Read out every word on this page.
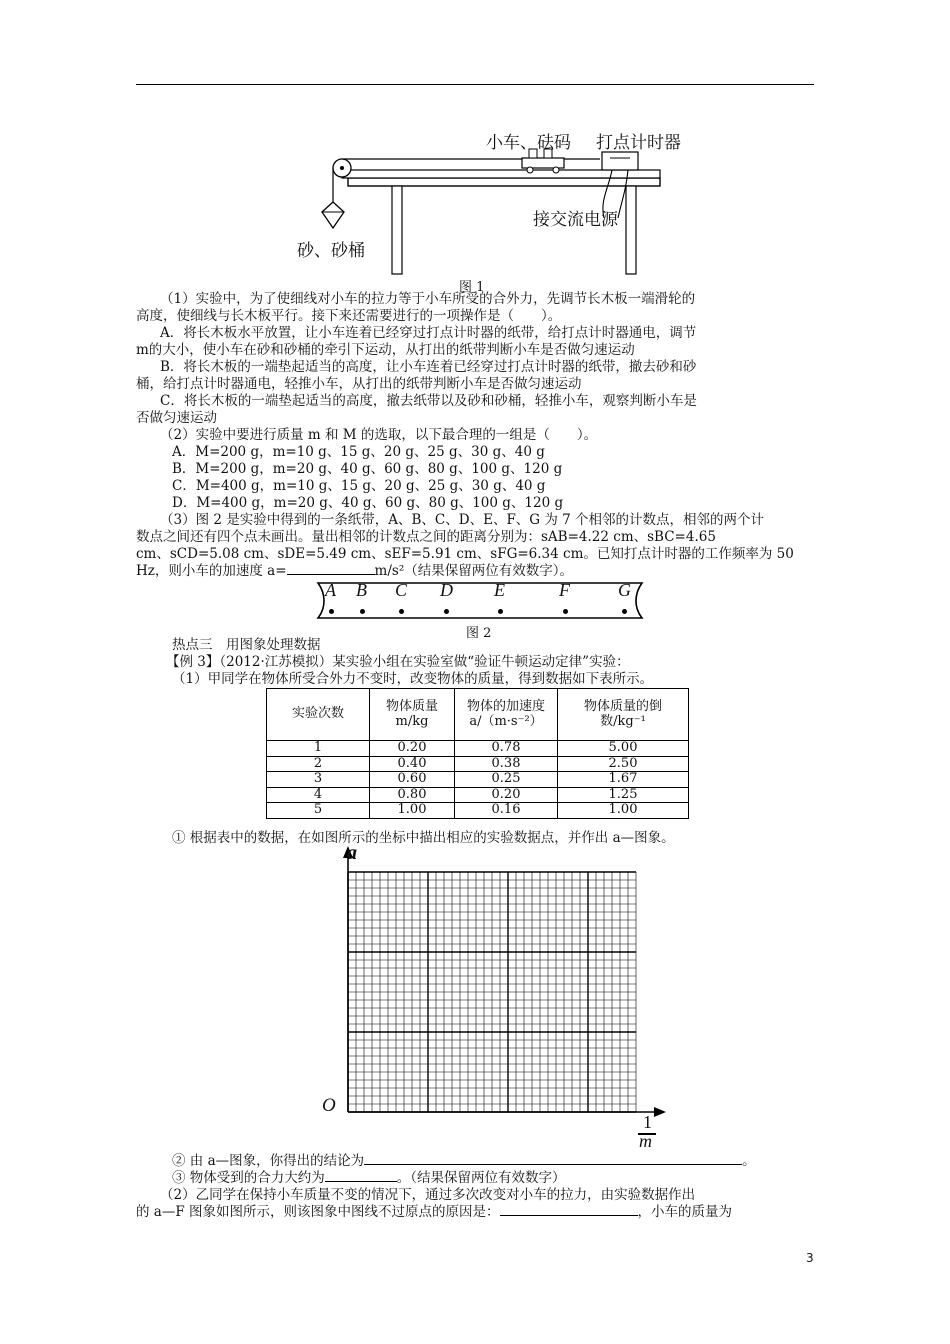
小车、砝码 打点计时器
接交流电源
砂、砂桶
图 1
（1）实验中，为了使细线对小车的拉力等于小车所受的合外力，先调节长木板一端滑轮的
高度，使细线与长木板平行。接下来还需要进行的一项操作是（　　）。
A．将长木板水平放置，让小车连着已经穿过打点计时器的纸带，给打点计时器通电，调节
m的大小，使小车在砂和砂桶的牵引下运动，从打出的纸带判断小车是否做匀速运动
B．将长木板的一端垫起适当的高度，让小车连着已经穿过打点计时器的纸带，撤去砂和砂
桶，给打点计时器通电，轻推小车，从打出的纸带判断小车是否做匀速运动
C．将长木板的一端垫起适当的高度，撤去纸带以及砂和砂桶，轻推小车，观察判断小车是
否做匀速运动
（2）实验中要进行质量 m 和 M 的选取，以下最合理的一组是（　　）。
A．M=200 g，m=10 g、15 g、20 g、25 g、30 g、40 g
B．M=200 g，m=20 g、40 g、60 g、80 g、100 g、120 g
C．M=400 g，m=10 g、15 g、20 g、25 g、30 g、40 g
D．M=400 g，m=20 g、40 g、60 g、80 g、100 g、120 g
（3）图 2 是实验中得到的一条纸带，A、B、C、D、E、F、G 为 7 个相邻的计数点，相邻的两个计
数点之间还有四个点未画出。量出相邻的计数点之间的距离分别为：sAB=4.22 cm、sBC=4.65
cm、sCD=5.08 cm、sDE=5.49 cm、sEF=5.91 cm、sFG=6.34 cm。已知打点计时器的工作频率为 50
Hz，则小车的加速度 a=	m/s²（结果保留两位有效数字）。
A B C D E	F	G
图 2
热点三　用图象处理数据
【例 3】（2012·江苏模拟）某实验小组在实验室做“验证牛顿运动定律”实验：
（1）甲同学在物体所受合外力不变时，改变物体的质量，得到数据如下表所示。
实验次数	物体质量 m/kg	物体的加速度 a/（m·s⁻²）	物体质量的倒数/kg⁻¹
1	0.20	0.78	5.00
2	0.40	0.38	2.50
3	0.60	0.25	1.67
4	0.80	0.20	1.25
5	1.00	0.16	1.00
① 根据表中的数据，在如图所示的坐标中描出相应的实验数据点，并作出 a—图象。
a
O
1
m
② 由 a—图象，你得出的结论为	。
③ 物体受到的合力大约为	。（结果保留两位有效数字）
（2）乙同学在保持小车质量不变的情况下，通过多次改变对小车的拉力，由实验数据作出
的 a—F 图象如图所示，则该图象中图线不过原点的原因是：	，小车的质量为
3
